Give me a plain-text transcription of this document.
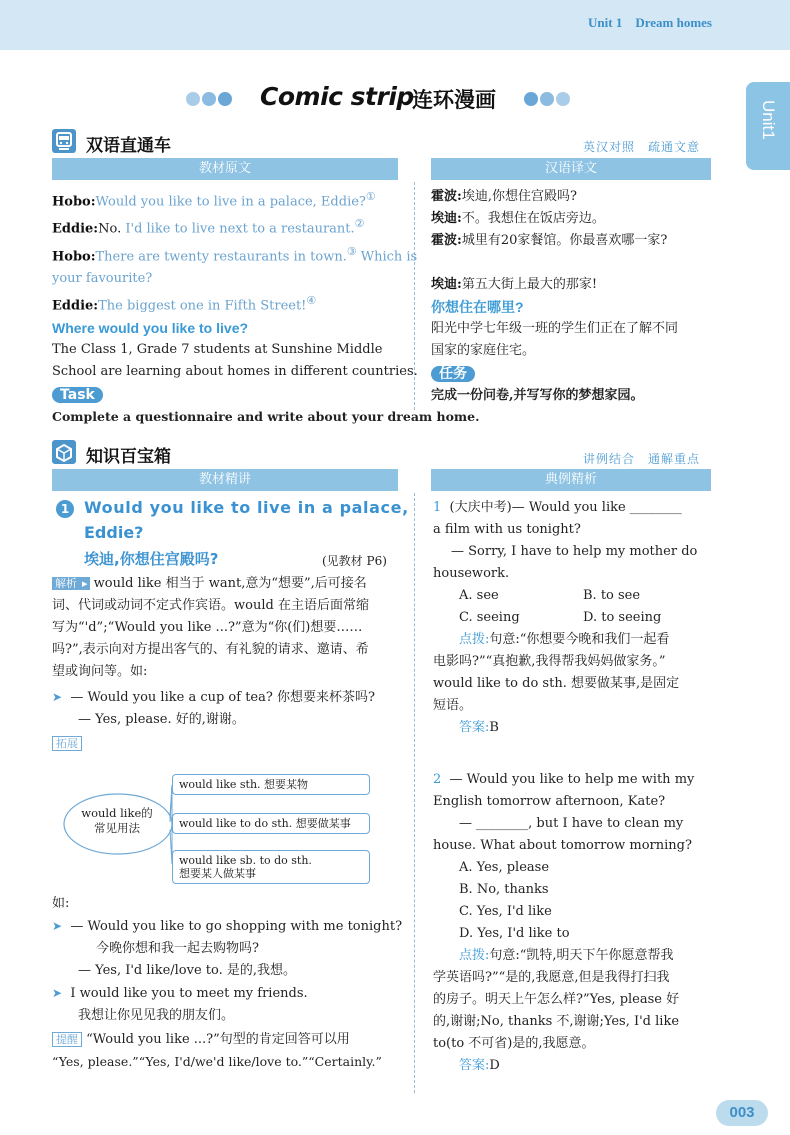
Unit 1 Dream homes
Unit1
Comic strip
连环漫画
双语直通车	英汉对照　疏通文意
教材原文	汉语译文
Hobo:Would you like to live in a palace, Eddie?①
Eddie:No. I'd like to live next to a restaurant.②
Hobo:There are twenty restaurants in town.③ Which is
your favourite?
Eddie:The biggest one in Fifth Street!④
Where would you like to live?
The Class 1, Grade 7 students at Sunshine Middle
School are learning about homes in different countries.
Task
Complete a questionnaire and write about your dream home.
霍波:埃迪,你想住宫殿吗?
埃迪:不。我想住在饭店旁边。
霍波:城里有20家餐馆。你最喜欢哪一家?

埃迪:第五大街上最大的那家!
你想住在哪里?
阳光中学七年级一班的学生们正在了解不同
国家的家庭住宅。
任务
完成一份问卷,并写写你的梦想家园。
知识百宝箱	讲例结合　通解重点
教材精讲	典例精析
1 Would you like to live in a palace,
Eddie?
埃迪,你想住宫殿吗?	(见教材 P6)
解析 ▸ would like 相当于 want,意为“想要”,后可接名
词、代词或动词不定式作宾语。would 在主语后面常缩
写为“'d”;“Would you like ...?”意为“你(们)想要……
吗?”,表示向对方提出客气的、有礼貌的请求、邀请、希
望或询问等。如:
➤ — Would you like a cup of tea? 你想要来杯茶吗?
— Yes, please. 好的,谢谢。
拓展
would like的
常见用法
would like sth. 想要某物
would like to do sth. 想要做某事
would like sb. to do sth.
想要某人做某事
如:
➤ — Would you like to go shopping with me tonight?
今晚你想和我一起去购物吗?
— Yes, I'd like/love to. 是的,我想。
➤ I would like you to meet my friends.
我想让你见见我的朋友们。
提醒 “Would you like ...?”句型的肯定回答可以用
“Yes, please.”“Yes, I'd/we'd like/love to.”“Certainly.”
1 (大庆中考)— Would you like ________
a film with us tonight?
— Sorry, I have to help my mother do
housework.
A. see	B. to see
C. seeing	D. to seeing
点拨:句意:“你想要今晚和我们一起看
电影吗?”“真抱歉,我得帮我妈妈做家务。”
would like to do sth. 想要做某事,是固定
短语。
答案:B
2 — Would you like to help me with my
English tomorrow afternoon, Kate?
— ________, but I have to clean my
house. What about tomorrow morning?
A. Yes, please
B. No, thanks
C. Yes, I'd like
D. Yes, I'd like to
点拨:句意:“凯特,明天下午你愿意帮我
学英语吗?”“是的,我愿意,但是我得打扫我
的房子。明天上午怎么样?”Yes, please 好
的,谢谢;No, thanks 不,谢谢;Yes, I'd like
to(to 不可省)是的,我愿意。
答案:D
003
